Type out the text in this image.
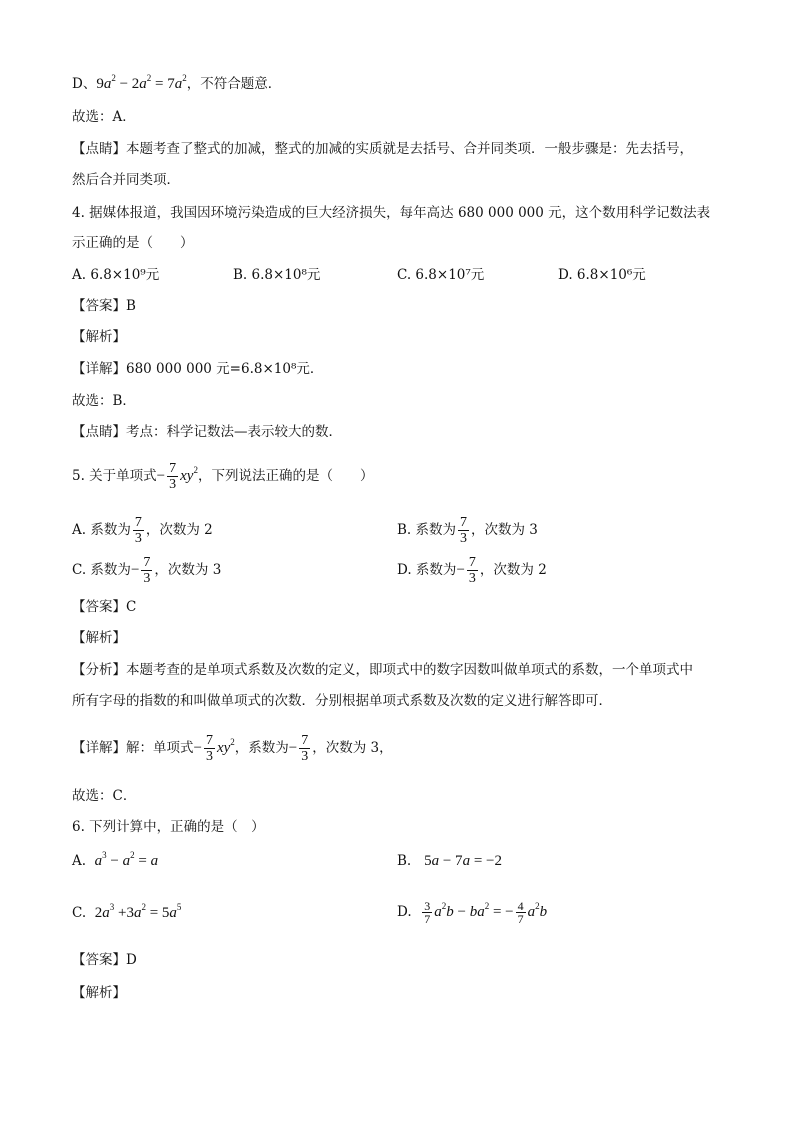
D、$9a^2 - 2a^2 = 7a^2$，不符合题意．
故选：A．
【点睛】本题考查了整式的加减，整式的加减的实质就是去括号、合并同类项．一般步骤是：先去括号，
然后合并同类项．
4. 据媒体报道，我国因环境污染造成的巨大经济损失，每年高达 680 000 000 元，这个数用科学记数法表
示正确的是（　　）
A. 6.8×10⁹元	B. 6.8×10⁸元	C. 6.8×10⁷元	D. 6.8×10⁶元
【答案】B
【解析】
【详解】680 000 000 元=6.8×10⁸元．
故选：B．
【点睛】考点：科学记数法—表示较大的数．
5. 关于单项式− $\frac{7}{3} xy^2$，下列说法正确的是（　　）
A. 系数为 $\frac{7}{3}$ ，次数为 2	B. 系数为 $\frac{7}{3}$ ，次数为 3
C. 系数为− $\frac{7}{3}$ ，次数为 3	D. 系数为− $\frac{7}{3}$ ，次数为 2
【答案】C
【解析】
【分析】本题考查的是单项式系数及次数的定义，即项式中的数字因数叫做单项式的系数，一个单项式中
所有字母的指数的和叫做单项式的次数．分别根据单项式系数及次数的定义进行解答即可．
【详解】解：单项式− $\frac{7}{3} xy^2$，系数为− $\frac{7}{3}$ ，次数为 3，
故选：C．
6. 下列计算中，正确的是（　）
A. $a^3 - a^2 = a$	B. 5a − 7a = −2
C. $2a^3 +3a^2 = 5a^5$	D. $\frac{3}{7} a^2b - ba^2$ = − $\frac{4}{7} a^2b$
【答案】D
【解析】
